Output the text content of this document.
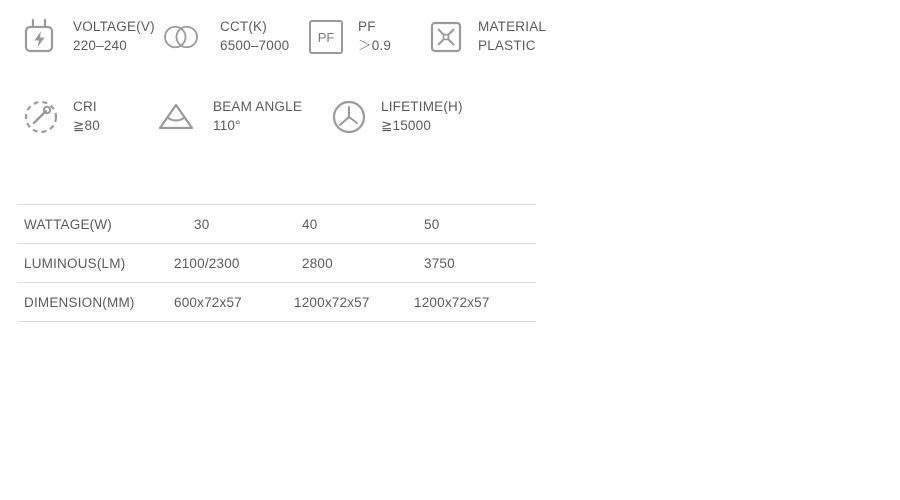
VOLTAGE(V)
220–240
CCT(K)
6500–7000
PF
PF
＞0.9
MATERIAL
PLASTIC
CRI
≧80
BEAM ANGLE
110°
LIFETIME(H)
≧15000

WATTAGE(W)	30	40	50
LUMINOUS(LM)	2100/2300	2800	3750
DIMENSION(MM)	600x72x57	1200x72x57	1200x72x57
